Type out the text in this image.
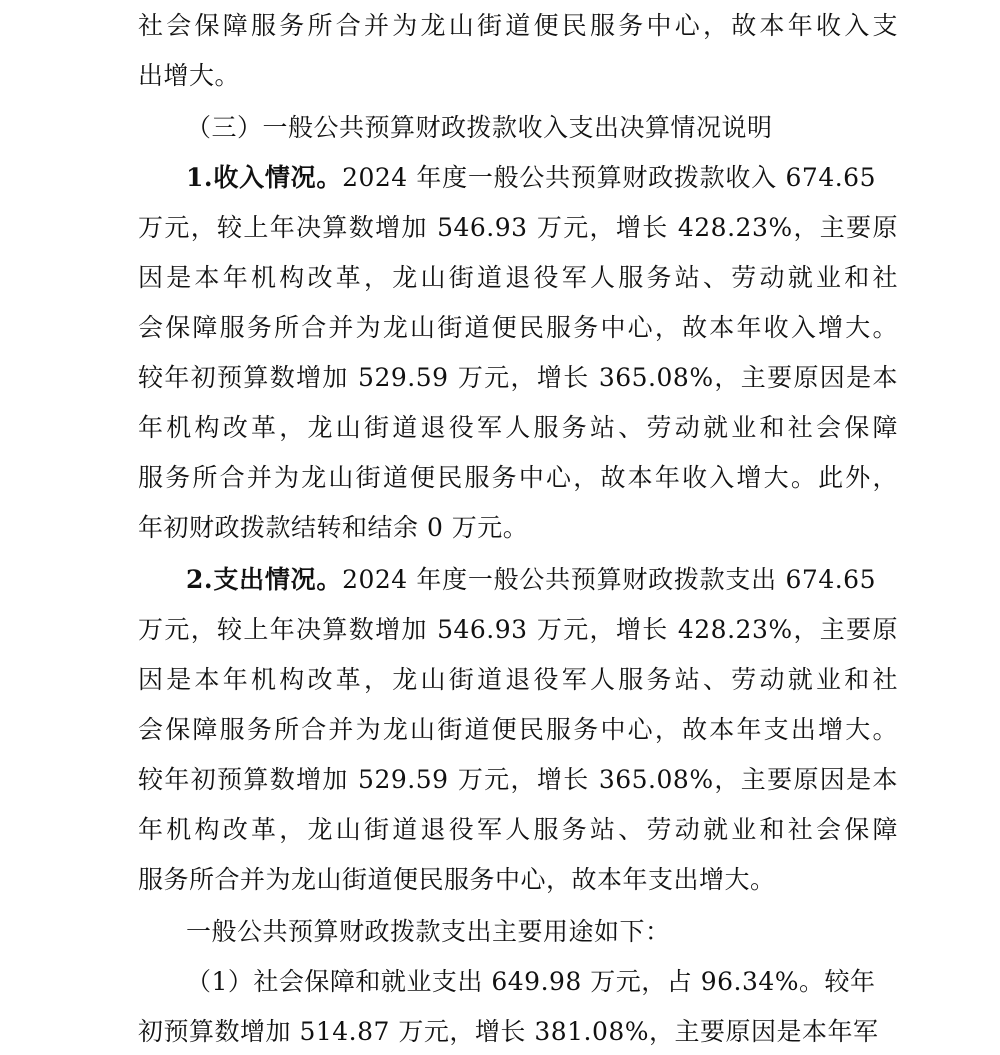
社会保障服务所合并为龙山街道便民服务中心，故本年收入支
出增大。
（三）一般公共预算财政拨款收入支出决算情况说明
1.收入情况。2024 年度一般公共预算财政拨款收入 674.65
万元，较上年决算数增加 546.93 万元，增长 428.23%，主要原
因是本年机构改革，龙山街道退役军人服务站、劳动就业和社
会保障服务所合并为龙山街道便民服务中心，故本年收入增大。
较年初预算数增加 529.59 万元，增长 365.08%，主要原因是本
年机构改革，龙山街道退役军人服务站、劳动就业和社会保障
服务所合并为龙山街道便民服务中心，故本年收入增大。此外，
年初财政拨款结转和结余 0 万元。
2.支出情况。2024 年度一般公共预算财政拨款支出 674.65
万元，较上年决算数增加 546.93 万元，增长 428.23%，主要原
因是本年机构改革，龙山街道退役军人服务站、劳动就业和社
会保障服务所合并为龙山街道便民服务中心，故本年支出增大。
较年初预算数增加 529.59 万元，增长 365.08%，主要原因是本
年机构改革，龙山街道退役军人服务站、劳动就业和社会保障
服务所合并为龙山街道便民服务中心，故本年支出增大。
一般公共预算财政拨款支出主要用途如下：
（1）社会保障和就业支出 649.98 万元，占 96.34%。较年
初预算数增加 514.87 万元，增长 381.08%，主要原因是本年军
